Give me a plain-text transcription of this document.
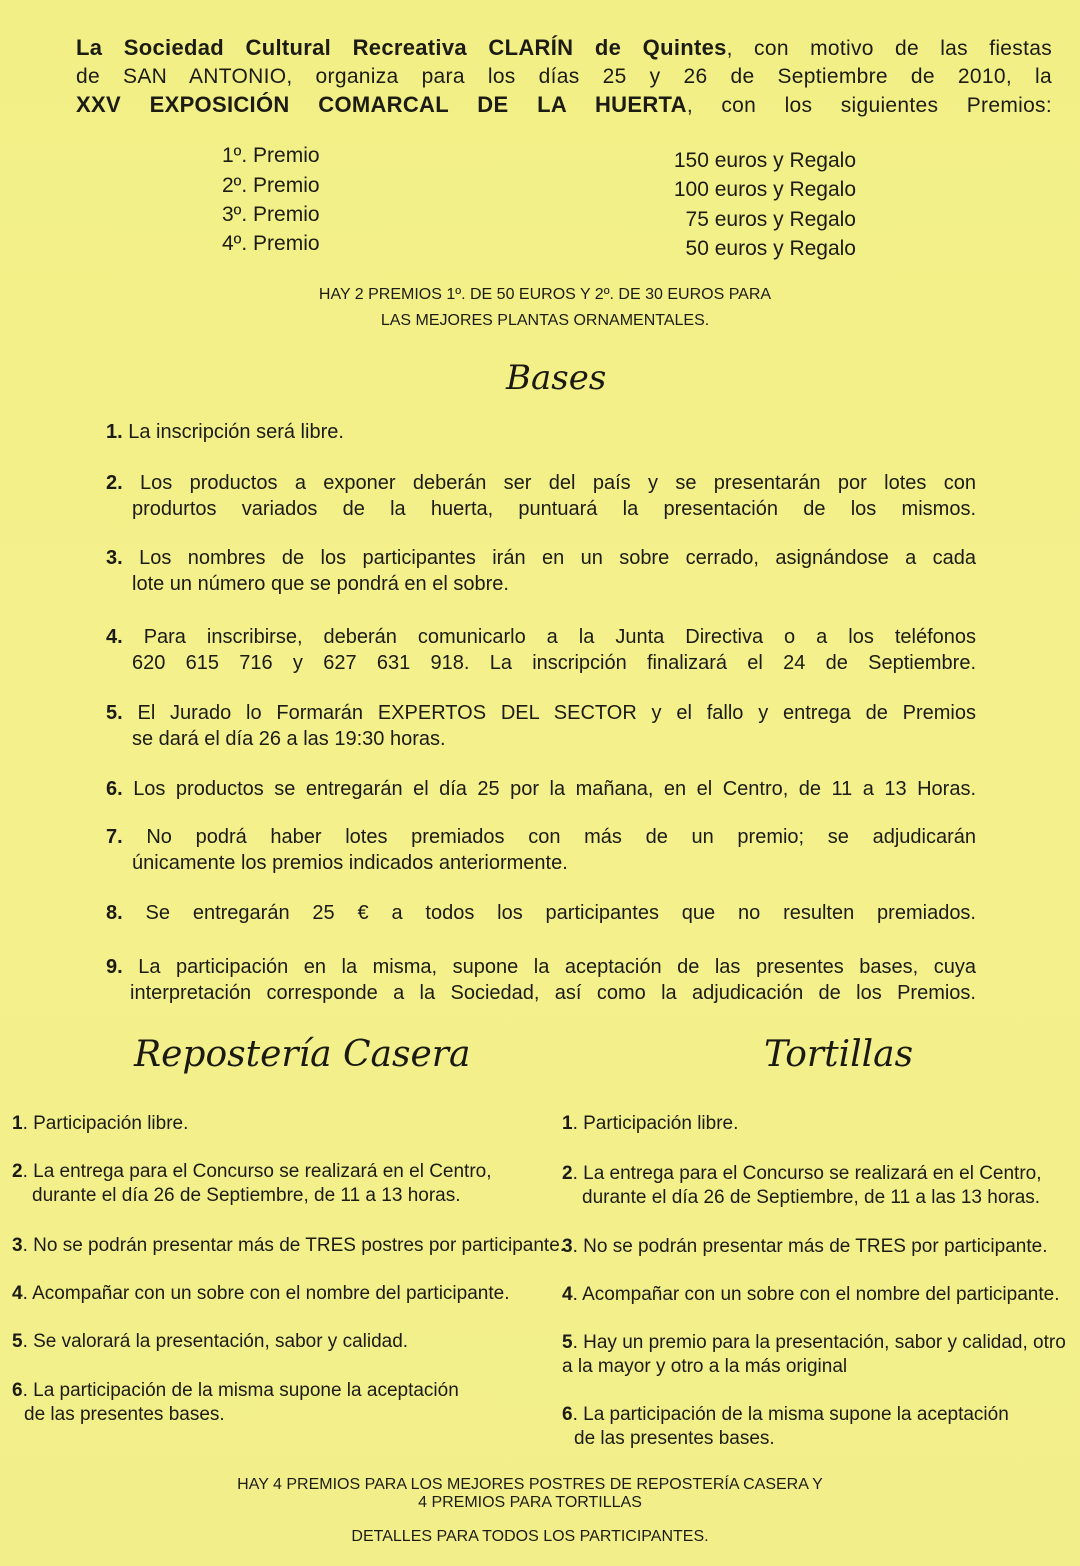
La Sociedad Cultural Recreativa CLARÍN de Quintes, con motivo de las fiestas
de SAN ANTONIO, organiza para los días 25 y 26 de Septiembre de 2010, la
XXV EXPOSICIÓN COMARCAL DE LA HUERTA, con los siguientes Premios:
1º. Premio
2º. Premio
3º. Premio
4º. Premio
150 euros y Regalo
100 euros y Regalo
75 euros y Regalo
50 euros y Regalo
HAY 2 PREMIOS 1º. DE 50 EUROS Y 2º. DE 30 EUROS PARA
LAS MEJORES PLANTAS ORNAMENTALES.
Bases
1. La inscripción será libre.
2. Los productos a exponer deberán ser del país y se presentarán por lotes con
produrtos variados de la huerta, puntuará la presentación de los mismos.
3. Los nombres de los participantes irán en un sobre cerrado, asignándose a cada
lote un número que se pondrá en el sobre.
4. Para inscribirse, deberán comunicarlo a la Junta Directiva o a los teléfonos
620 615 716 y 627 631 918. La inscripción finalizará el 24 de Septiembre.
5. El Jurado lo Formarán EXPERTOS DEL SECTOR y el fallo y entrega de Premios
se dará el día 26 a las 19:30 horas.
6. Los productos se entregarán el día 25 por la mañana, en el Centro, de 11 a 13 Horas.
7. No podrá haber lotes premiados con más de un premio; se adjudicarán
únicamente los premios indicados anteriormente.
8. Se entregarán 25 € a todos los participantes que no resulten premiados.
9. La participación en la misma, supone la aceptación de las presentes bases, cuya
interpretación corresponde a la Sociedad, así como la adjudicación de los Premios.
Repostería Casera	Tortillas
1. Participación libre.
2. La entrega para el Concurso se realizará en el Centro,
durante el día 26 de Septiembre, de 11 a 13 horas.
3. No se podrán presentar más de TRES postres por participante.
4. Acompañar con un sobre con el nombre del participante.
5. Se valorará la presentación, sabor y calidad.
6. La participación de la misma supone la aceptación
de las presentes bases.
1. Participación libre.
2. La entrega para el Concurso se realizará en el Centro,
durante el día 26 de Septiembre, de 11 a las 13 horas.
3. No se podrán presentar más de TRES por participante.
4. Acompañar con un sobre con el nombre del participante.
5. Hay un premio para la presentación, sabor y calidad, otro
a la mayor y otro a la más original
6. La participación de la misma supone la aceptación
de las presentes bases.
HAY 4 PREMIOS PARA LOS MEJORES POSTRES DE REPOSTERÍA CASERA Y
4 PREMIOS PARA TORTILLAS
DETALLES PARA TODOS LOS PARTICIPANTES.
